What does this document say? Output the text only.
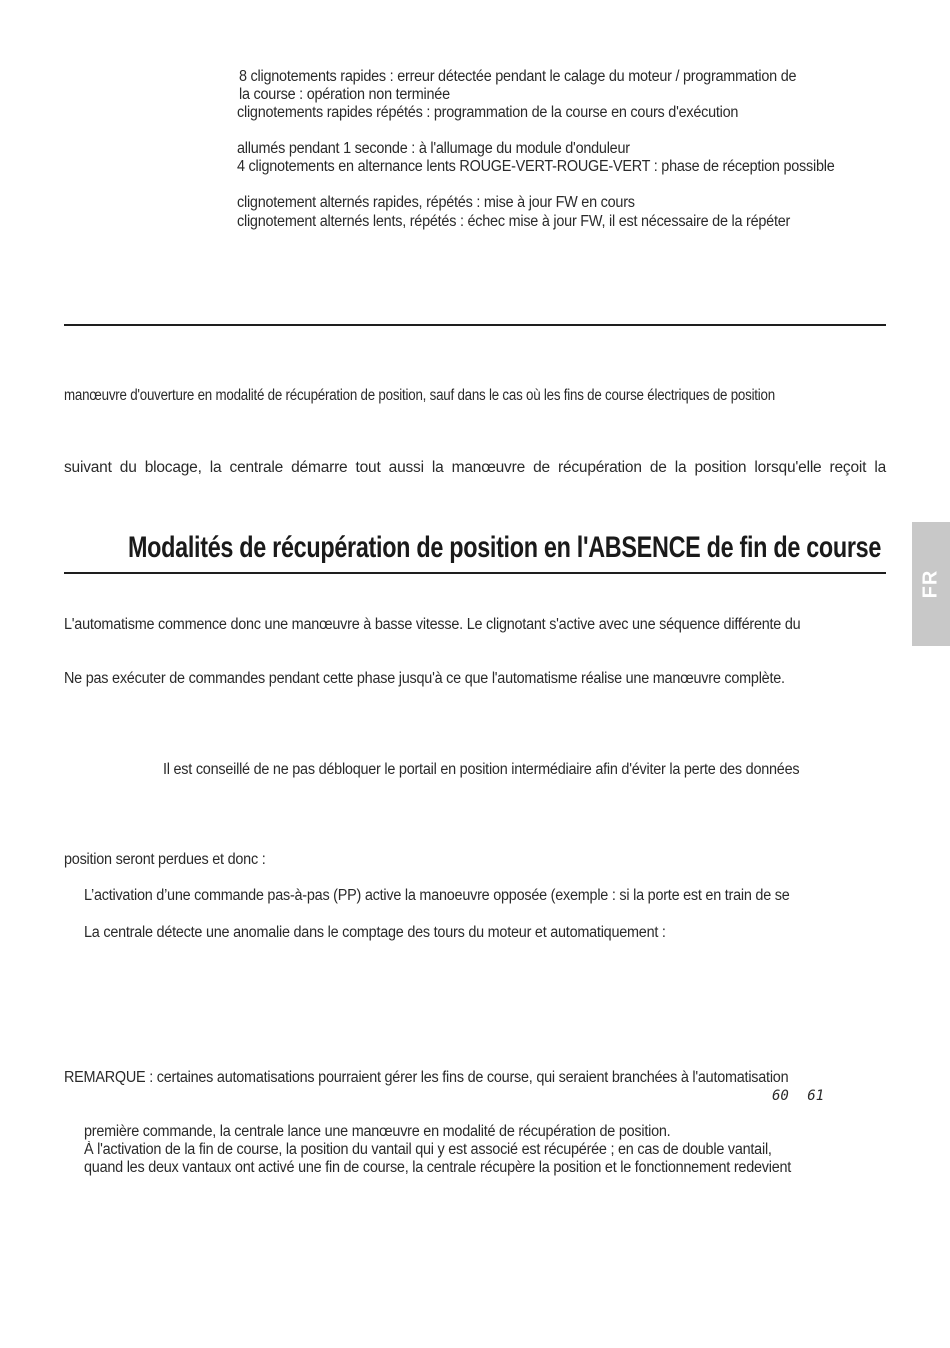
8 clignotements rapides : erreur détectée pendant le calage du moteur / programmation de

la course : opération non terminée

clignotements rapides répétés : programmation de la course en cours d'exécution

allumés pendant 1 seconde : à l'allumage du module d'onduleur

4 clignotements en alternance lents ROUGE-VERT-ROUGE-VERT : phase de réception possible

clignotement alternés rapides, répétés : mise à jour FW en cours

clignotement alternés lents, répétés : échec mise à jour FW, il est nécessaire de la répéter

manœuvre d'ouverture en modalité de récupération de position, sauf dans le cas où les fins de course électriques de position

suivant du blocage, la centrale démarre tout aussi la manœuvre de récupération de la position lorsqu'elle reçoit la

Modalités de récupération de position en l'ABSENCE de fin de course

L'automatisme commence donc une manœuvre à basse vitesse. Le clignotant s'active avec une séquence différente du

Ne pas exécuter de commandes pendant cette phase jusqu'à ce que l'automatisme réalise une manœuvre complète.

Il est conseillé de ne pas débloquer le portail en position intermédiaire afin d'éviter la perte des données

position seront perdues et donc :

L’activation d’une commande pas-à-pas (PP) active la manoeuvre opposée (exemple : si la porte est en train de se

La centrale détecte une anomalie dans le comptage des tours du moteur et automatiquement :

REMARQUE : certaines automatisations pourraient gérer les fins de course, qui seraient branchées à l'automatisation

60 61

première commande, la centrale lance une manœuvre en modalité de récupération de position.

À l'activation de la fin de course, la position du vantail qui y est associé est récupérée ; en cas de double vantail,

quand les deux vantaux ont activé une fin de course, la centrale récupère la position et le fonctionnement redevient

FR
